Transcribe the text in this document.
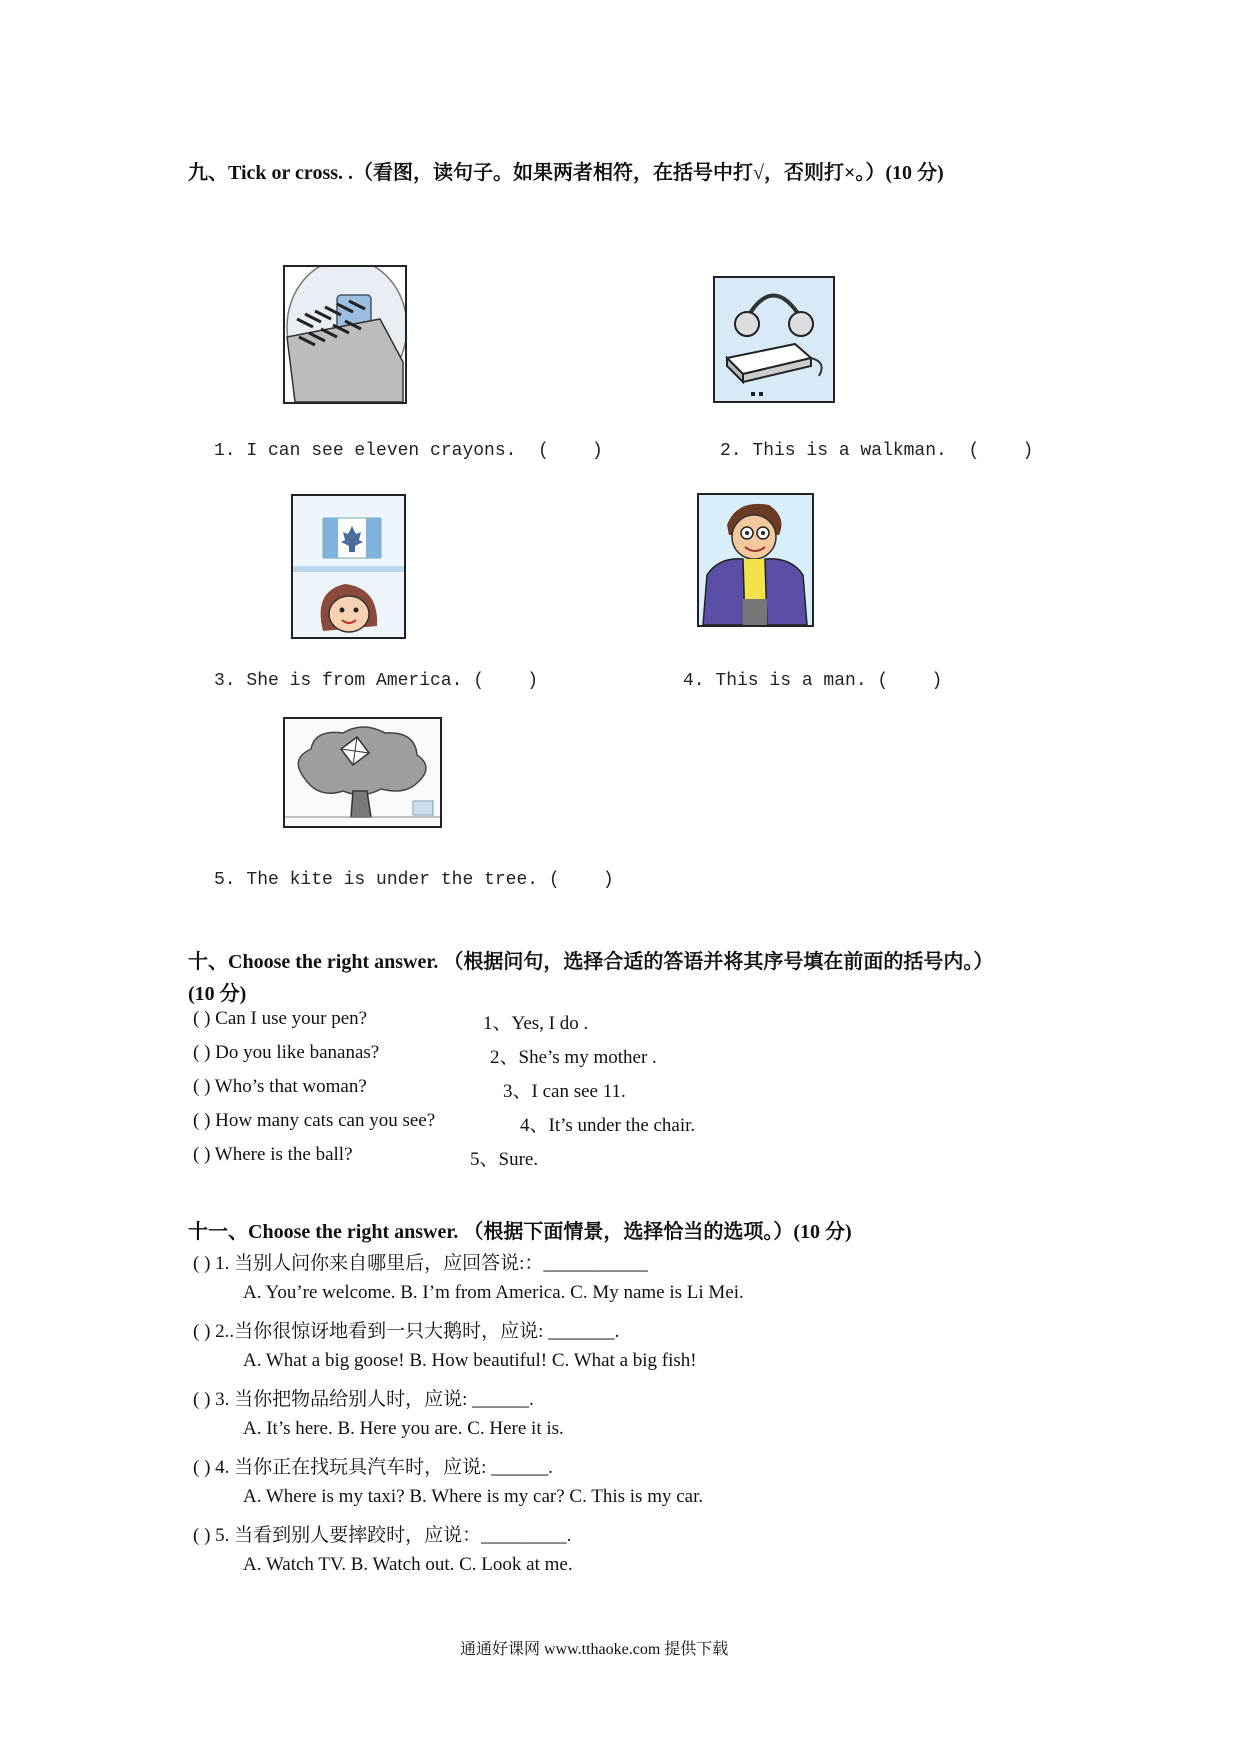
九、Tick or cross. .（看图，读句子。如果两者相符，在括号中打√，否则打×。）(10 分)
1. I can see eleven crayons.  (    )	2. This is a walkman.  (    )
3. She is from America. (    )	4. This is a man. (    )
5. The kite is under the tree. (    )
十、Choose the right answer. （根据问句，选择合适的答语并将其序号填在前面的括号内。）
(10 分)
( ) Can I use your pen?
( ) Do you like bananas?
( ) Who’s that woman?
( ) How many cats can you see?
( ) Where is the ball?
1、Yes, I do .
2、She’s my mother .
3、I can see 11.
4、It’s under the chair.
5、Sure.
十一、Choose the right answer. （根据下面情景，选择恰当的选项。）(10 分)
( ) 1. 当别人问你来自哪里后，应回答说:：___________
A. You’re welcome. B. I’m from America. C. My name is Li Mei.
( ) 2..当你很惊讶地看到一只大鹅时，应说: _______.
A. What a big goose! B. How beautiful! C. What a big fish!
( ) 3. 当你把物品给别人时，应说: ______.
A. It’s here. B. Here you are. C. Here it is.
( ) 4. 当你正在找玩具汽车时，应说: ______.
A. Where is my taxi? B. Where is my car? C. This is my car.
( ) 5. 当看到别人要摔跤时，应说：_________.
A. Watch TV. B. Watch out. C. Look at me.
通通好课网 www.tthaoke.com 提供下载
